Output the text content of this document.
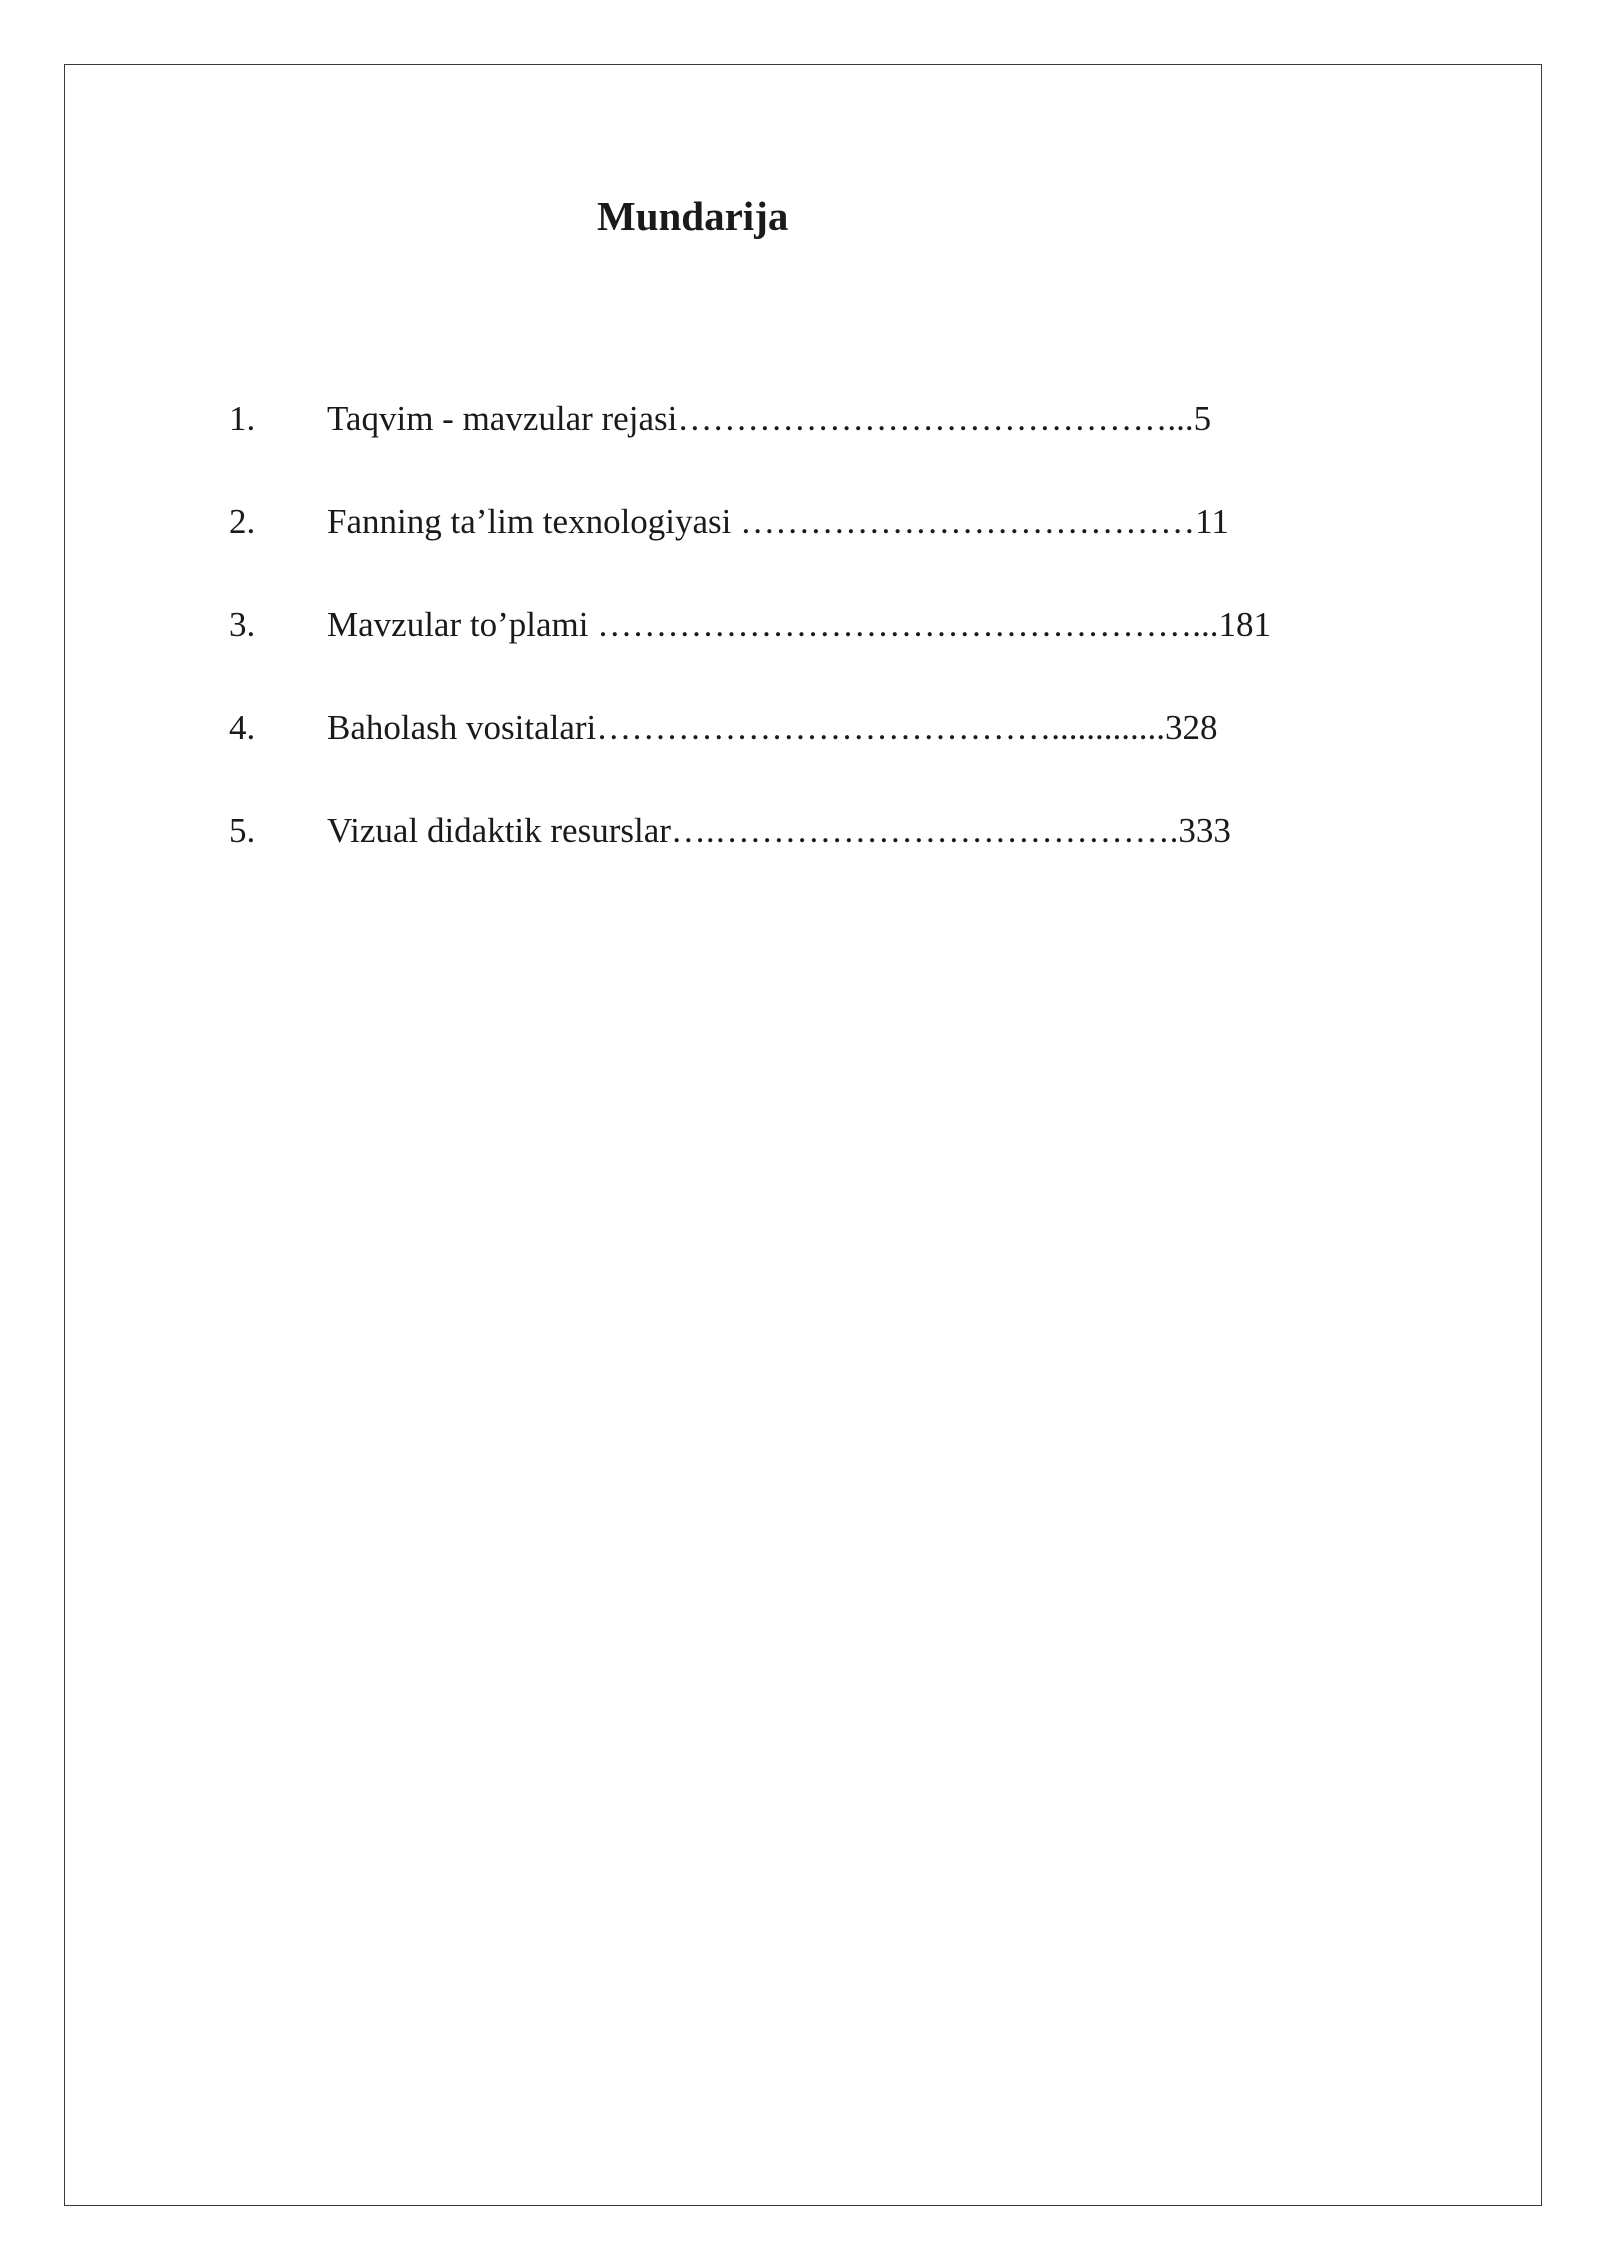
Mundarija
1. Taqvim - mavzular rejasi……………………………………...5
2. Fanning ta’lim texnologiyasi …………………………………11
3. Mavzular to’plami ……………………………………………...181
4. Baholash vositalari………………………………….............328
5. Vizual didaktik resurslar….………………………………….333
